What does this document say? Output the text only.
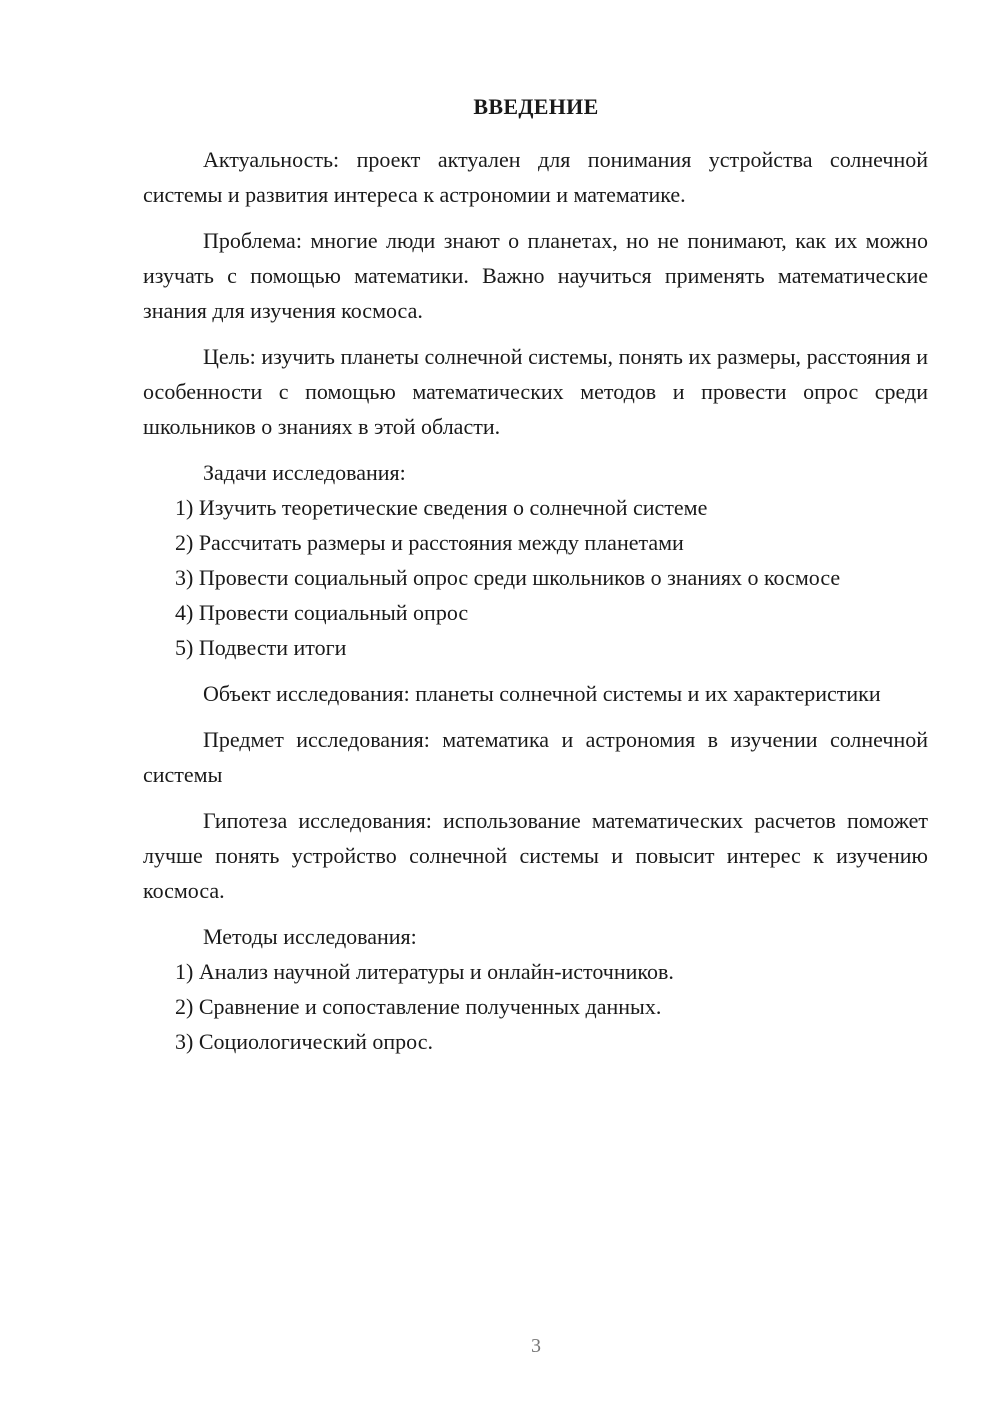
ВВЕДЕНИЕ

Актуальность: проект актуален для понимания устройства солнечной системы и развития интереса к астрономии и математике.

Проблема: многие люди знают о планетах, но не понимают, как их можно изучать с помощью математики. Важно научиться применять математические знания для изучения космоса.

Цель: изучить планеты солнечной системы, понять их размеры, расстояния и особенности с помощью математических методов и провести опрос среди школьников о знаниях в этой области.

Задачи исследования:

1) Изучить теоретические сведения о солнечной системе

2) Рассчитать размеры и расстояния между планетами

3) Провести социальный опрос среди школьников о знаниях о космосе

4) Провести социальный опрос

5) Подвести итоги

Объект исследования: планеты солнечной системы и их характеристики

Предмет исследования: математика и астрономия в изучении солнечной системы

Гипотеза исследования: использование математических расчетов поможет лучше понять устройство солнечной системы и повысит интерес к изучению космоса.

Методы исследования:

1) Анализ научной литературы и онлайн-источников.

2) Сравнение и сопоставление полученных данных.

3) Социологический опрос.

3
